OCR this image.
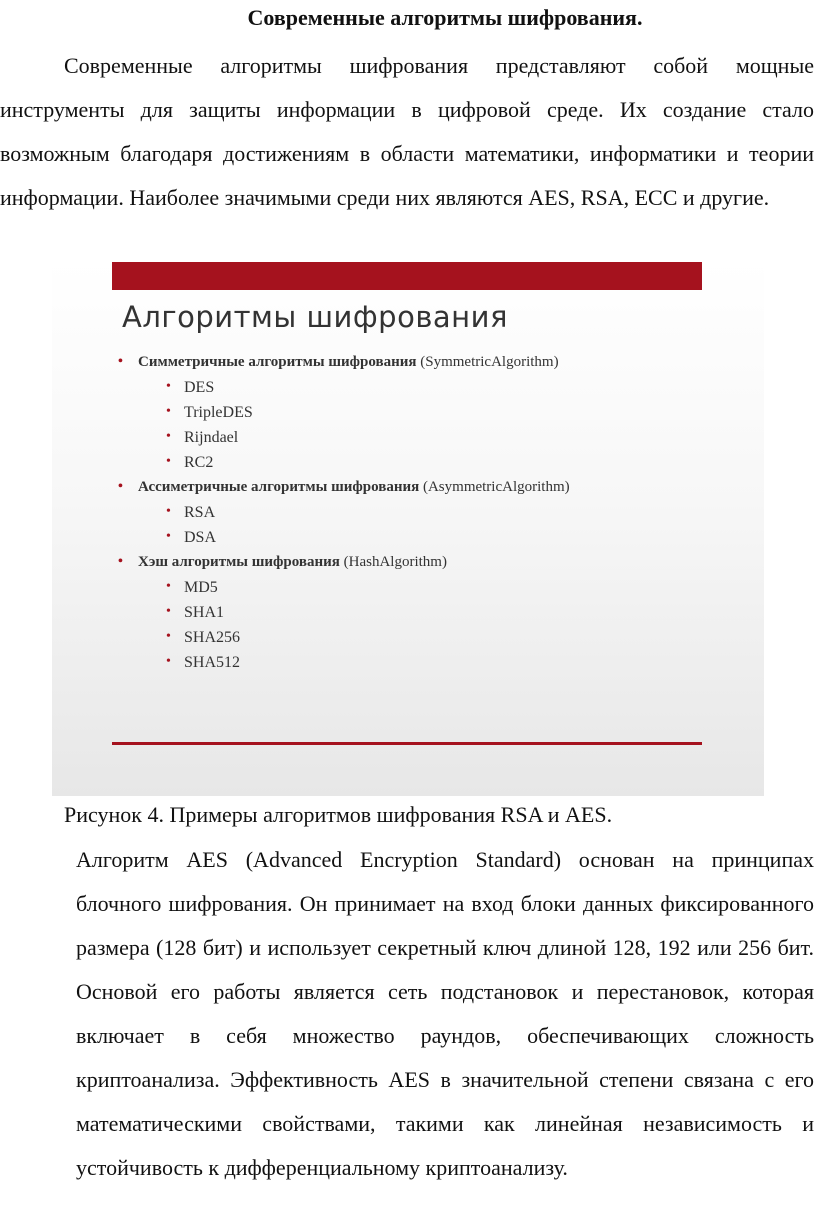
Современные алгоритмы шифрования.
Современные алгоритмы шифрования представляют собой мощные инструменты для защиты информации в цифровой среде. Их создание стало возможным благодаря достижениям в области математики, информатики и теории информации. Наиболее значимыми среди них являются AES, RSA, ECC и другие.
Алгоритмы шифрования
• Симметричные алгоритмы шифрования (SymmetricAlgorithm)
• DES
• TripleDES
• Rijndael
• RC2
• Ассиметричные алгоритмы шифрования (AsymmetricAlgorithm)
• RSA
• DSA
• Хэш алгоритмы шифрования (HashAlgorithm)
• MD5
• SHA1
• SHA256
• SHA512
Рисунок 4. Примеры алгоритмов шифрования RSA и AES.
Алгоритм AES (Advanced Encryption Standard) основан на принципах блочного шифрования. Он принимает на вход блоки данных фиксированного размера (128 бит) и использует секретный ключ длиной 128, 192 или 256 бит. Основой его работы является сеть подстановок и перестановок, которая включает в себя множество раундов, обеспечивающих сложность криптоанализа. Эффективность AES в значительной степени связана с его математическими свойствами, такими как линейная независимость и устойчивость к дифференциальному криптоанализу.
